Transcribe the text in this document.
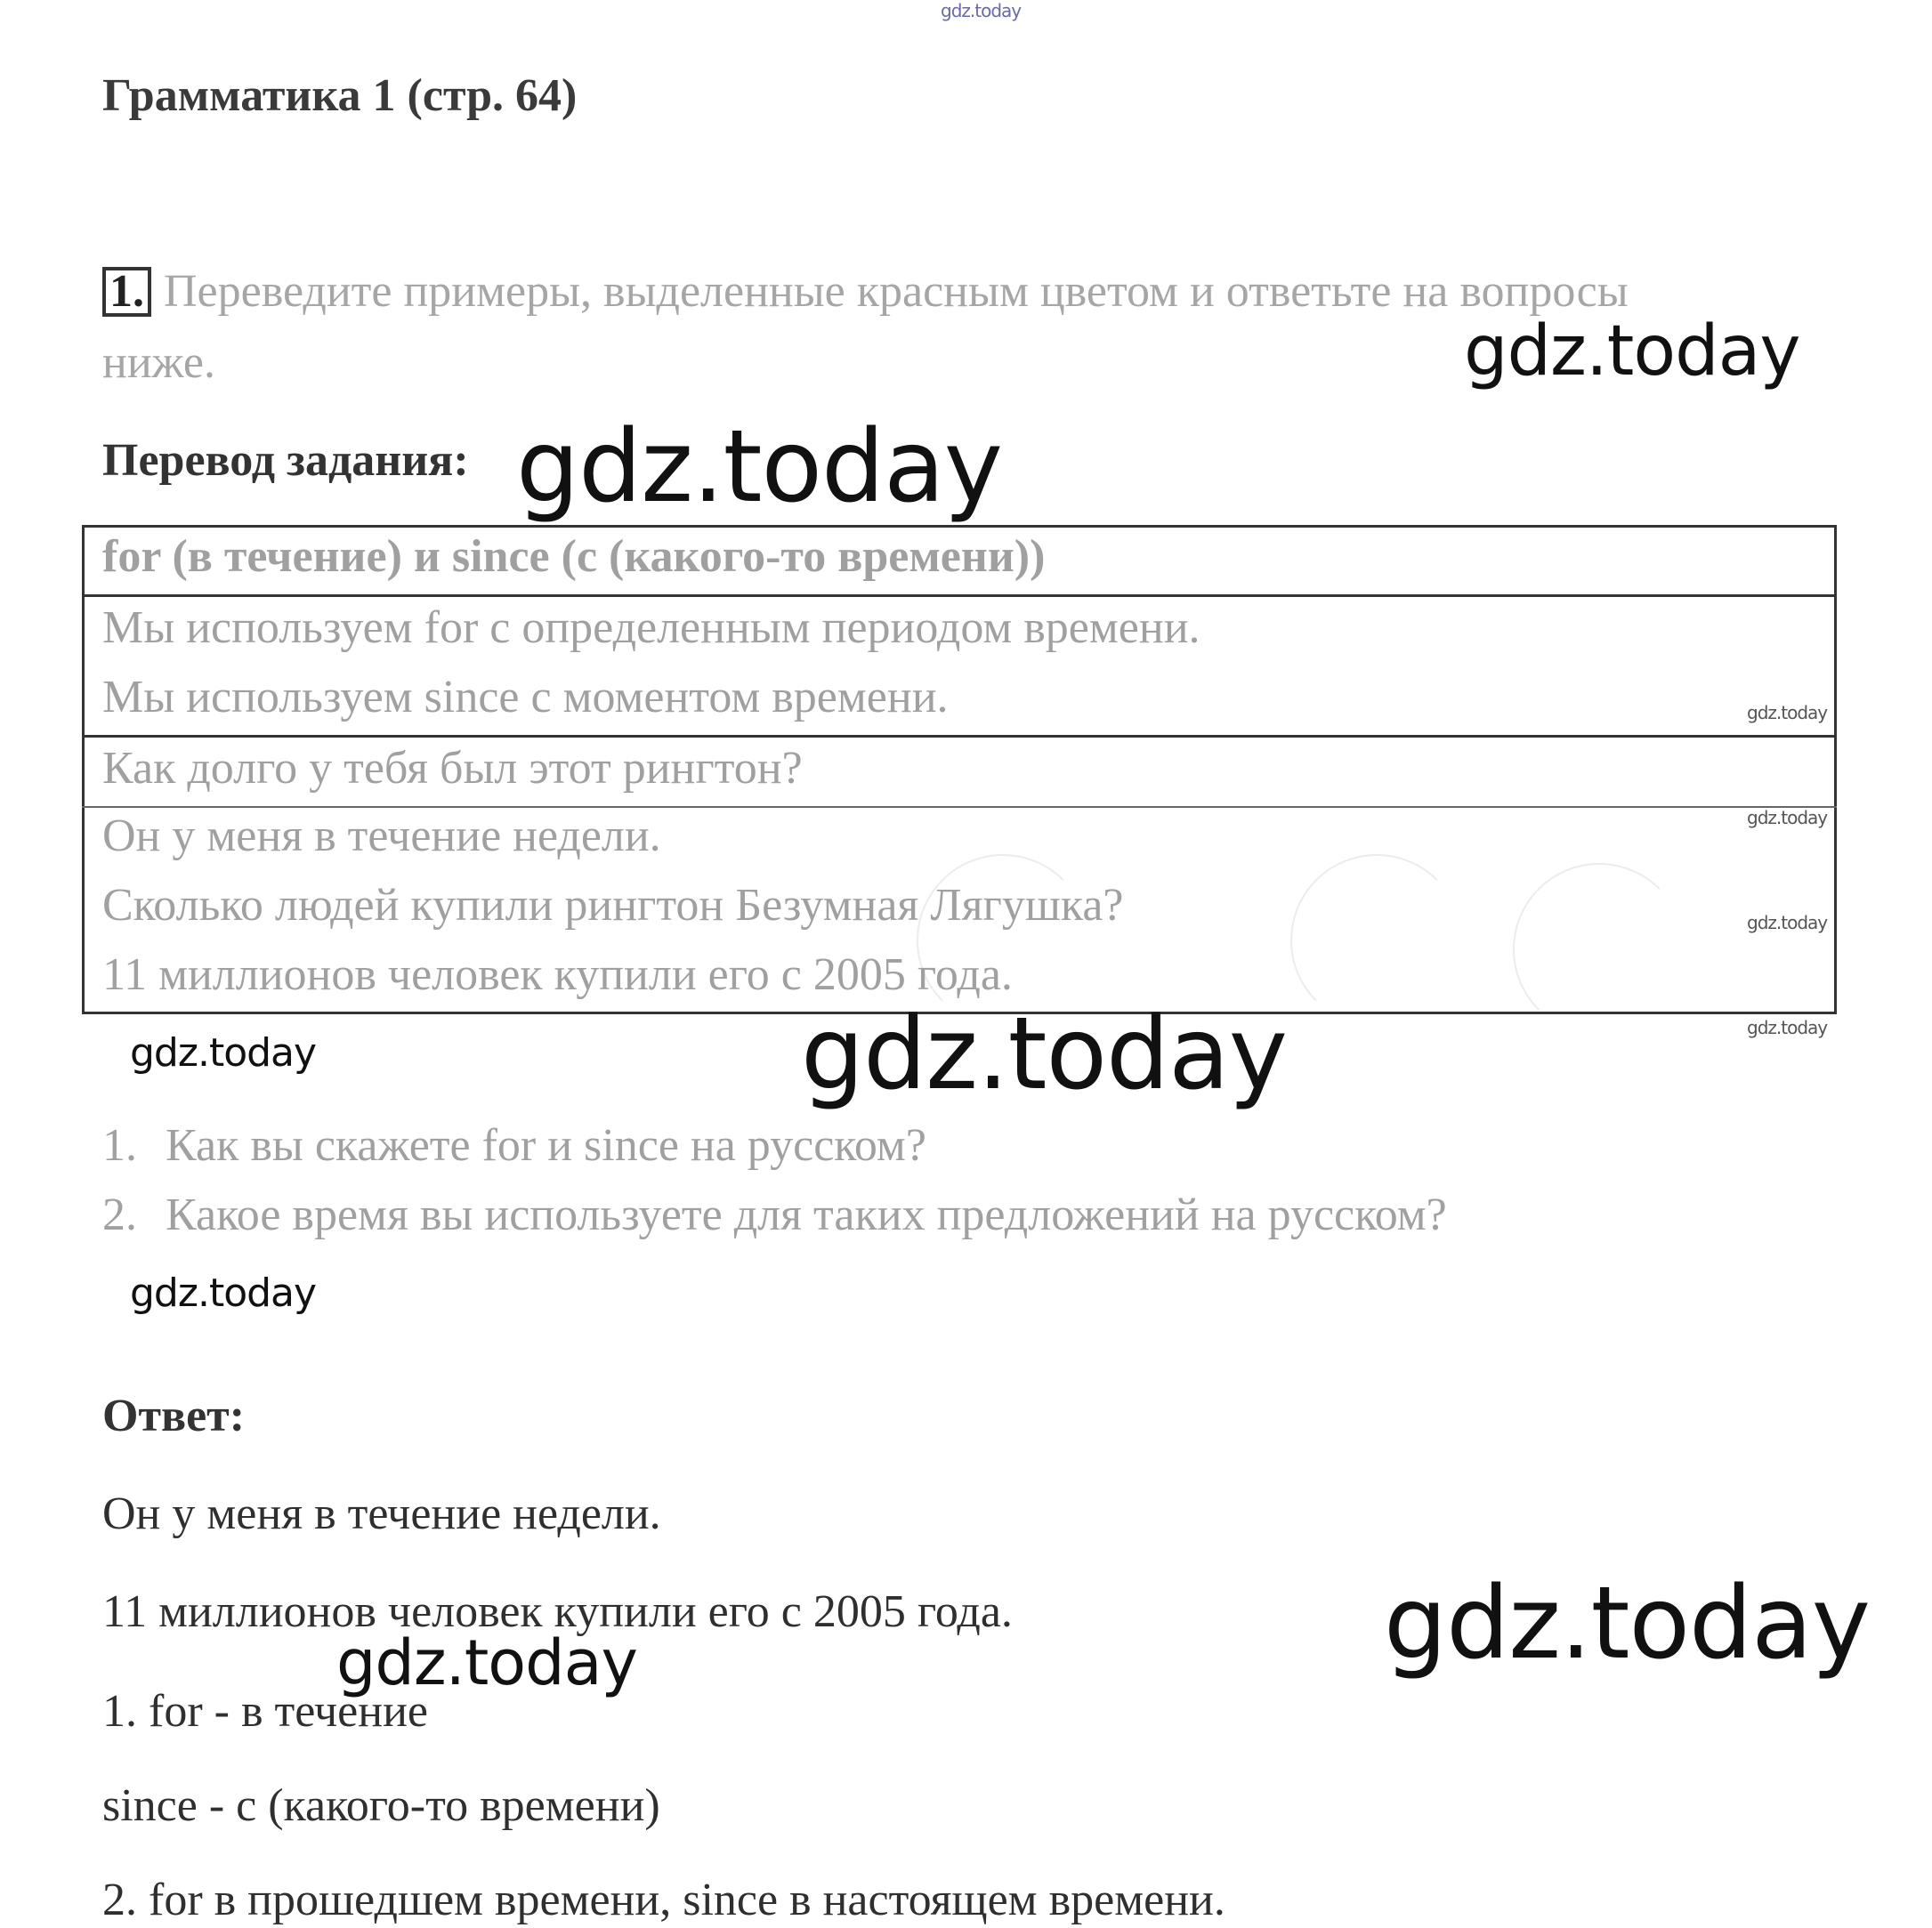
gdz.today
Грамматика 1 (стр. 64)
1. Переведите примеры, выделенные красным цветом и ответьте на вопросы
ниже.	gdz.today
Перевод задания: gdz.today
for (в течение) и since (с (какого-то времени))
Мы используем for с определенным периодом времени.
Мы используем since с моментом времени.
Как долго у тебя был этот рингтон?
Он у меня в течение недели.
Сколько людей купили рингтон Безумная Лягушка?
11 миллионов человек купили его с 2005 года.
gdz.today
gdz.today
gdz.today
gdz.today
gdz.today	gdz.today
1. Как вы скажете for и since на русском?
2. Какое время вы используете для таких предложений на русском?
gdz.today
Ответ:
Он у меня в течение недели.
11 миллионов человек купили его с 2005 года.	gdz.today
gdz.today
1. for - в течение
since - с (какого-то времени)
2. for в прошедшем времени, since в настоящем времени.
